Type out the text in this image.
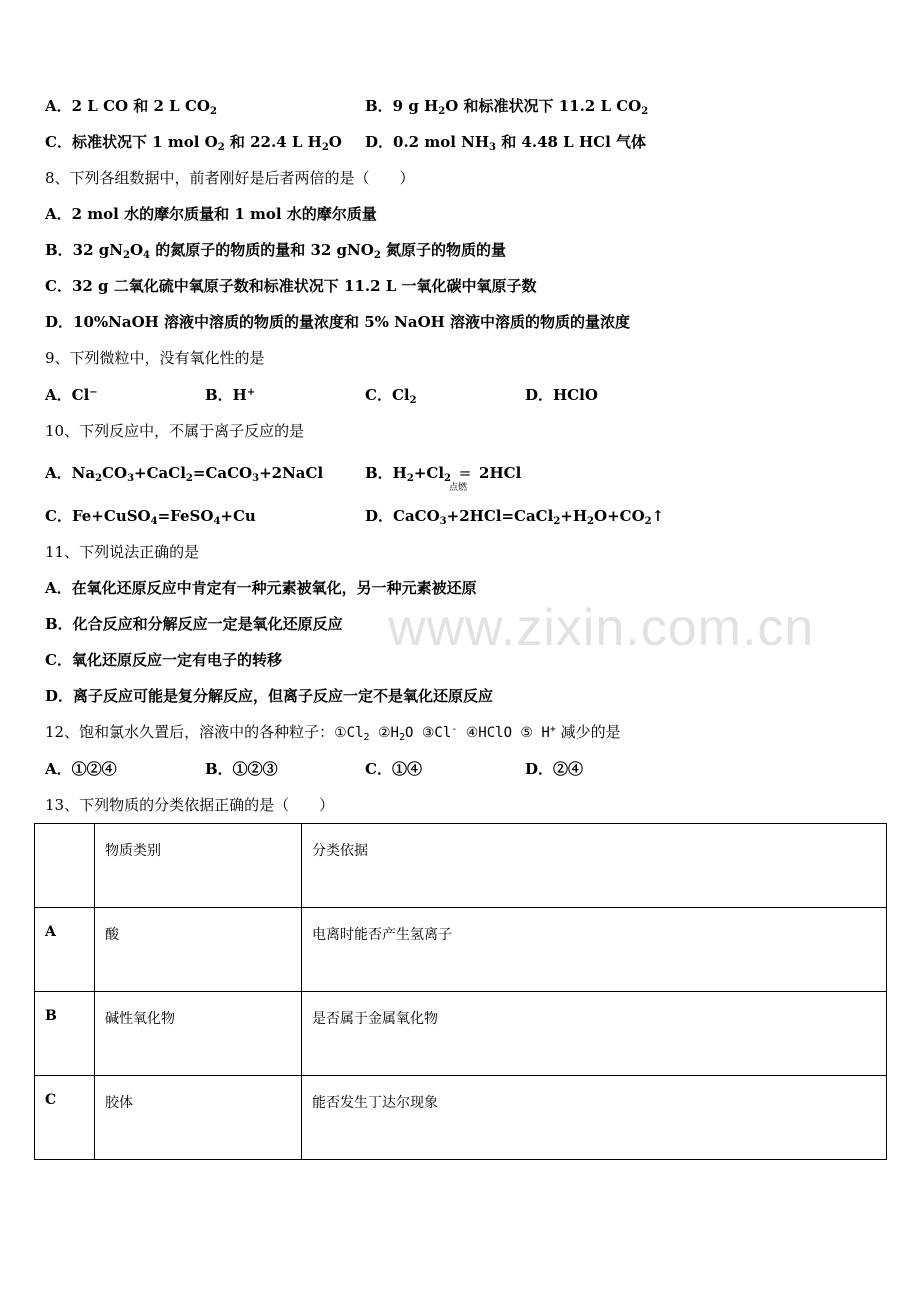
www.zixin.com.cn
A．2 L CO 和 2 L $CO_2$	B．9 g $H_2O$ 和标准状况下 11.2 L $CO_2$
C．标准状况下 1 mol $O_2$ 和 22.4 L $H_2O$ D．0.2 mol $NH_3$ 和 4.48 L HCl 气体
8、下列各组数据中，前者刚好是后者两倍的是（　　）
A．2 mol 水的摩尔质量和 1 mol 水的摩尔质量
B．32 $gN_2O_4$ 的氮原子的物质的量和 32 gNO$_2$ 氮原子的物质的量
C．32 g 二氧化硫中氧原子数和标准状况下 11.2 L 一氧化碳中氧原子数
D．10%NaOH 溶液中溶质的物质的量浓度和 5% NaOH 溶液中溶质的物质的量浓度
9、下列微粒中，没有氧化性的是
A．Cl−	B．H+	C．$Cl_2$	D．HClO
10、下列反应中，不属于离子反应的是
A．$Na_2CO_3+CaCl_2=CaCO_3+2NaCl$	B．$H_2+Cl_2$ =
点燃
2HCl
C．Fe+CuSO$_4$=FeSO$_4$+Cu	D．$CaCO_3+2HCl=CaCl_2+H_2O+CO_2↑$
11、下列说法正确的是
A．在氧化还原反应中肯定有一种元素被氧化，另一种元素被还原
B．化合反应和分解反应一定是氧化还原反应
C．氧化还原反应一定有电子的转移
D．离子反应可能是复分解反应，但离子反应一定不是氧化还原反应
12、饱和氯水久置后，溶液中的各种粒子：$①Cl_2$ $②H_2O$ ③Cl- ④HClO ⑤ H+ 减少的是
A．①②④	B．①②③	C．①④	D．②④
13、下列物质的分类依据正确的是（　　）
	物质类别	分类依据
A	酸	电离时能否产生氢离子
B	碱性氧化物	是否属于金属氧化物
C	胶体	能否发生丁达尔现象
